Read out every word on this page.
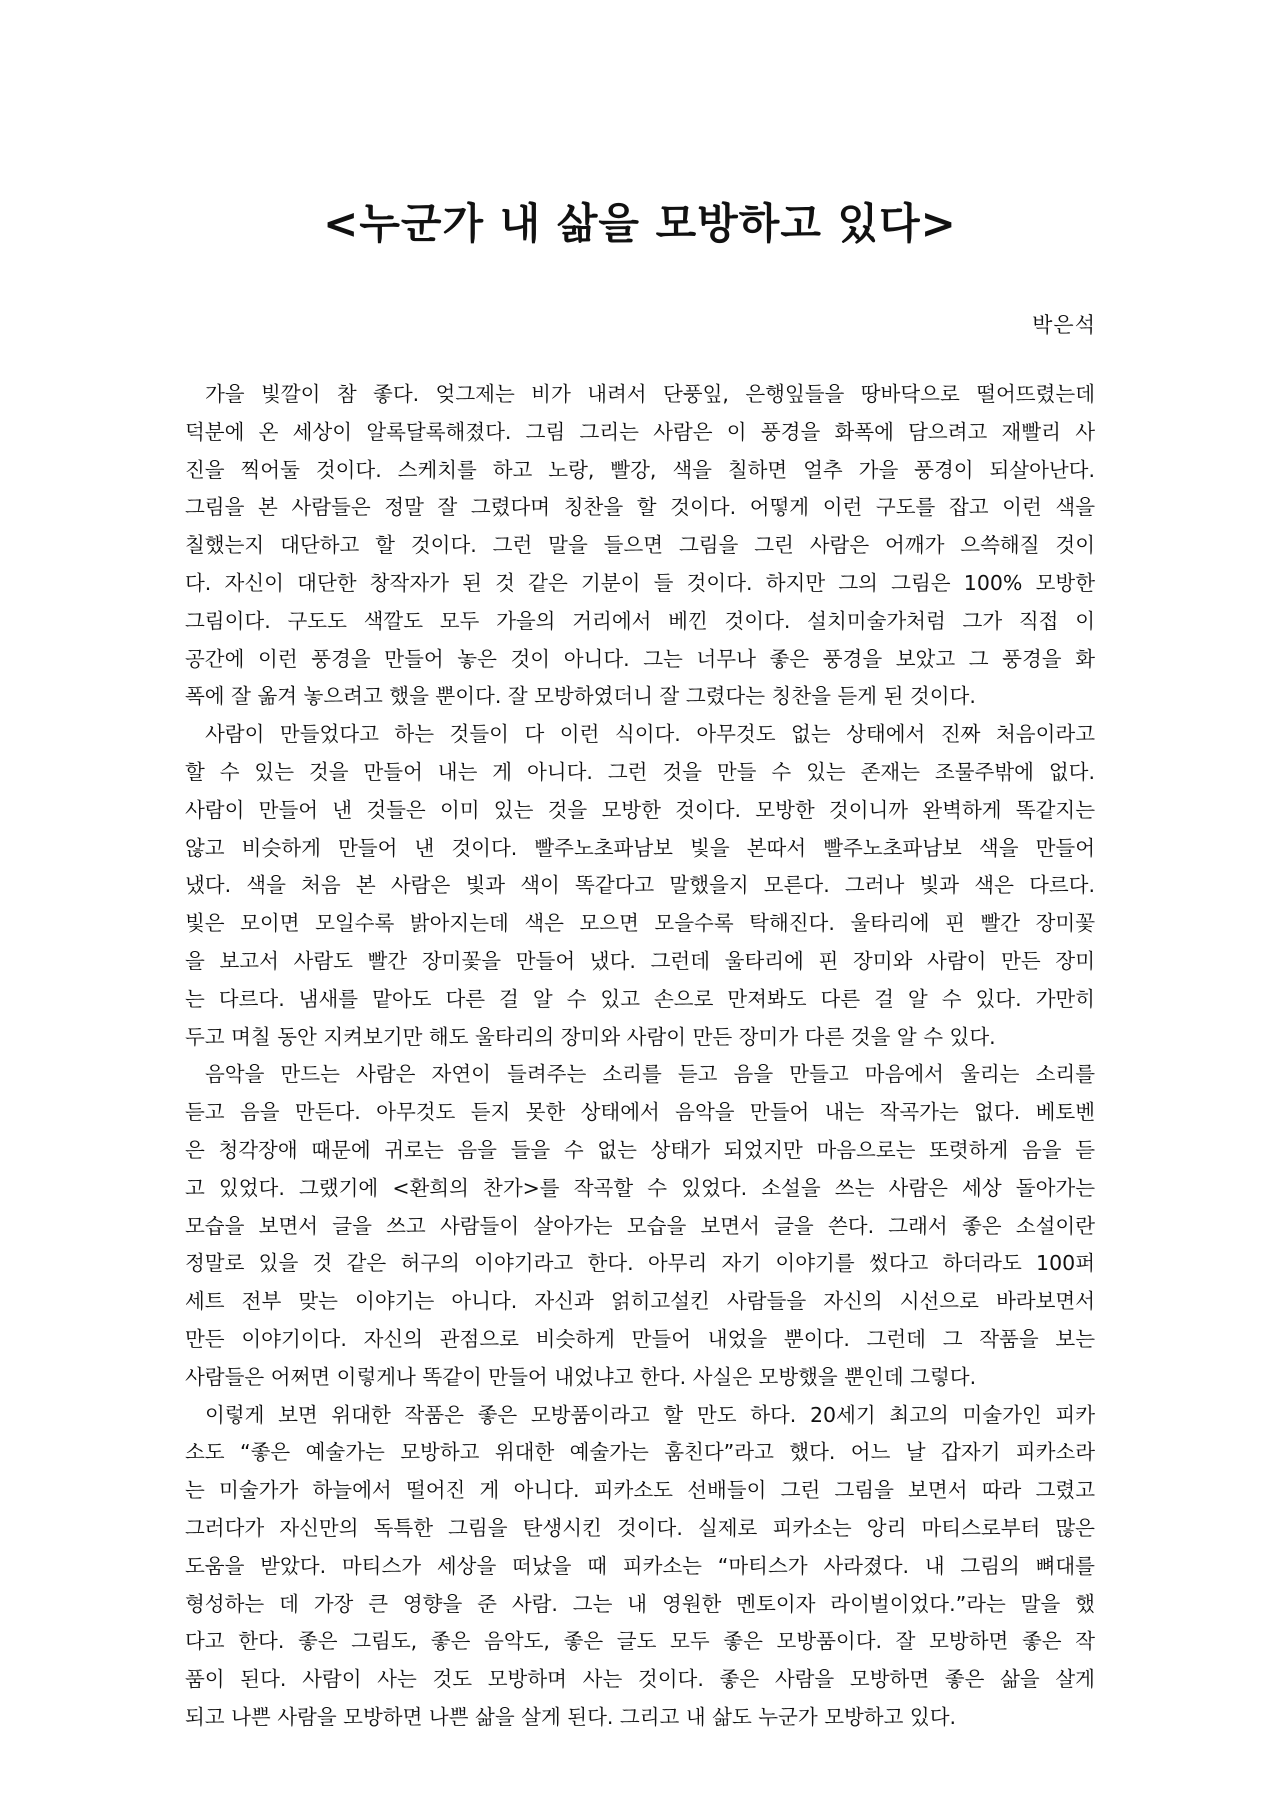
<누군가 내 삶을 모방하고 있다>

박은석

가을 빛깔이 참 좋다. 엊그제는 비가 내려서 단풍잎, 은행잎들을 땅바닥으로 떨어뜨렸는데
덕분에 온 세상이 알록달록해졌다. 그림 그리는 사람은 이 풍경을 화폭에 담으려고 재빨리 사
진을 찍어둘 것이다. 스케치를 하고 노랑, 빨강, 색을 칠하면 얼추 가을 풍경이 되살아난다.
그림을 본 사람들은 정말 잘 그렸다며 칭찬을 할 것이다. 어떻게 이런 구도를 잡고 이런 색을
칠했는지 대단하고 할 것이다. 그런 말을 들으면 그림을 그린 사람은 어깨가 으쓱해질 것이
다. 자신이 대단한 창작자가 된 것 같은 기분이 들 것이다. 하지만 그의 그림은 100% 모방한
그림이다. 구도도 색깔도 모두 가을의 거리에서 베낀 것이다. 설치미술가처럼 그가 직접 이
공간에 이런 풍경을 만들어 놓은 것이 아니다. 그는 너무나 좋은 풍경을 보았고 그 풍경을 화
폭에 잘 옮겨 놓으려고 했을 뿐이다. 잘 모방하였더니 잘 그렸다는 칭찬을 듣게 된 것이다.
사람이 만들었다고 하는 것들이 다 이런 식이다. 아무것도 없는 상태에서 진짜 처음이라고
할 수 있는 것을 만들어 내는 게 아니다. 그런 것을 만들 수 있는 존재는 조물주밖에 없다.
사람이 만들어 낸 것들은 이미 있는 것을 모방한 것이다. 모방한 것이니까 완벽하게 똑같지는
않고 비슷하게 만들어 낸 것이다. 빨주노초파남보 빛을 본따서 빨주노초파남보 색을 만들어
냈다. 색을 처음 본 사람은 빛과 색이 똑같다고 말했을지 모른다. 그러나 빛과 색은 다르다.
빛은 모이면 모일수록 밝아지는데 색은 모으면 모을수록 탁해진다. 울타리에 핀 빨간 장미꽃
을 보고서 사람도 빨간 장미꽃을 만들어 냈다. 그런데 울타리에 핀 장미와 사람이 만든 장미
는 다르다. 냄새를 맡아도 다른 걸 알 수 있고 손으로 만져봐도 다른 걸 알 수 있다. 가만히
두고 며칠 동안 지켜보기만 해도 울타리의 장미와 사람이 만든 장미가 다른 것을 알 수 있다.
음악을 만드는 사람은 자연이 들려주는 소리를 듣고 음을 만들고 마음에서 울리는 소리를
듣고 음을 만든다. 아무것도 듣지 못한 상태에서 음악을 만들어 내는 작곡가는 없다. 베토벤
은 청각장애 때문에 귀로는 음을 들을 수 없는 상태가 되었지만 마음으로는 또렷하게 음을 듣
고 있었다. 그랬기에 <환희의 찬가>를 작곡할 수 있었다. 소설을 쓰는 사람은 세상 돌아가는
모습을 보면서 글을 쓰고 사람들이 살아가는 모습을 보면서 글을 쓴다. 그래서 좋은 소설이란
정말로 있을 것 같은 허구의 이야기라고 한다. 아무리 자기 이야기를 썼다고 하더라도 100퍼
세트 전부 맞는 이야기는 아니다. 자신과 얽히고설킨 사람들을 자신의 시선으로 바라보면서
만든 이야기이다. 자신의 관점으로 비슷하게 만들어 내었을 뿐이다. 그런데 그 작품을 보는
사람들은 어쩌면 이렇게나 똑같이 만들어 내었냐고 한다. 사실은 모방했을 뿐인데 그렇다.
이렇게 보면 위대한 작품은 좋은 모방품이라고 할 만도 하다. 20세기 최고의 미술가인 피카
소도 “좋은 예술가는 모방하고 위대한 예술가는 훔친다”라고 했다. 어느 날 갑자기 피카소라
는 미술가가 하늘에서 떨어진 게 아니다. 피카소도 선배들이 그린 그림을 보면서 따라 그렸고
그러다가 자신만의 독특한 그림을 탄생시킨 것이다. 실제로 피카소는 앙리 마티스로부터 많은
도움을 받았다. 마티스가 세상을 떠났을 때 피카소는 “마티스가 사라졌다. 내 그림의 뼈대를
형성하는 데 가장 큰 영향을 준 사람. 그는 내 영원한 멘토이자 라이벌이었다.”라는 말을 했
다고 한다. 좋은 그림도, 좋은 음악도, 좋은 글도 모두 좋은 모방품이다. 잘 모방하면 좋은 작
품이 된다. 사람이 사는 것도 모방하며 사는 것이다. 좋은 사람을 모방하면 좋은 삶을 살게
되고 나쁜 사람을 모방하면 나쁜 삶을 살게 된다. 그리고 내 삶도 누군가 모방하고 있다.
